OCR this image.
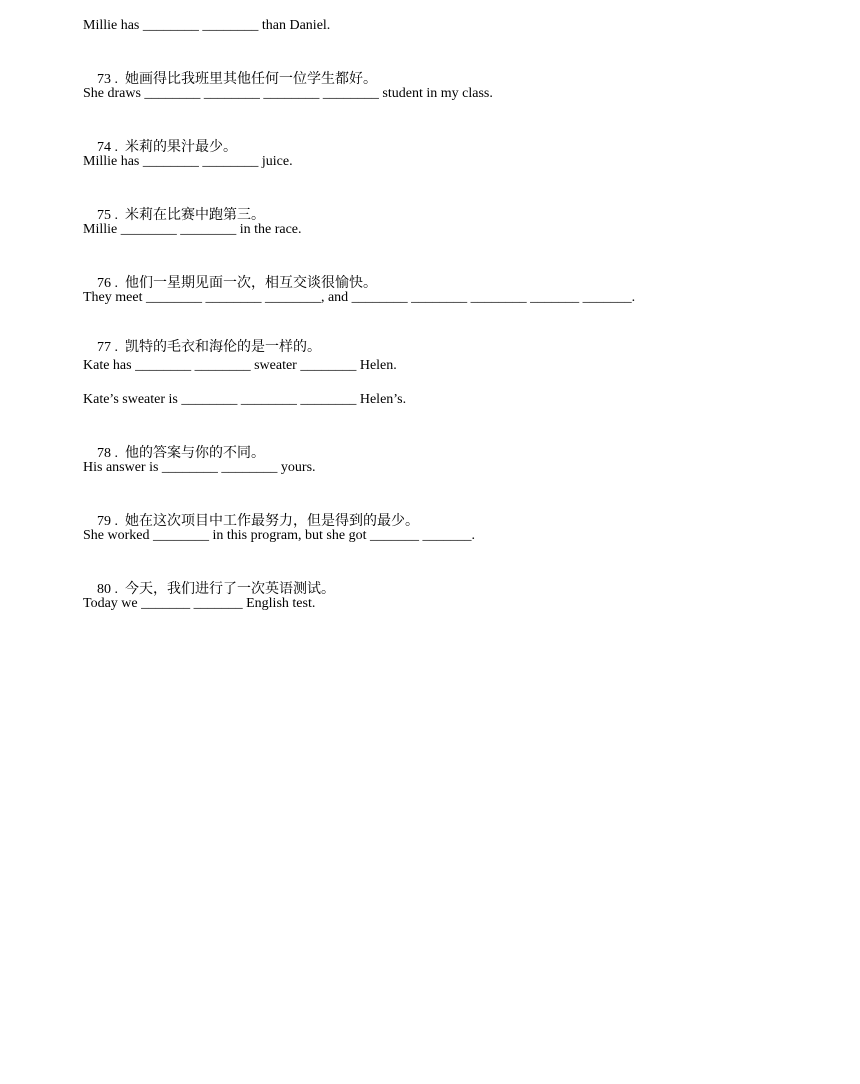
Millie has ________ ________ than Daniel.

73 .  她画得比我班里其他任何一位学生都好。

She draws ________ ________ ________ ________ student in my class.

74 .  米莉的果汁最少。

Millie has ________ ________ juice.

75 .  米莉在比赛中跑第三。

Millie ________ ________ in the race.

76 .  他们一星期见面一次，相互交谈很愉快。

They meet ________ ________ ________, and ________ ________ ________ _______ _______.

77 .  凯特的毛衣和海伦的是一样的。

Kate has ________ ________ sweater ________ Helen.
Kate’s sweater is ________ ________ ________ Helen’s.

78 .  他的答案与你的不同。

His answer is ________ ________ yours.

79 .  她在这次项目中工作最努力，但是得到的最少。

She worked ________ in this program, but she got _______ _______.

80 .  今天，我们进行了一次英语测试。

Today we _______ _______ English test.
